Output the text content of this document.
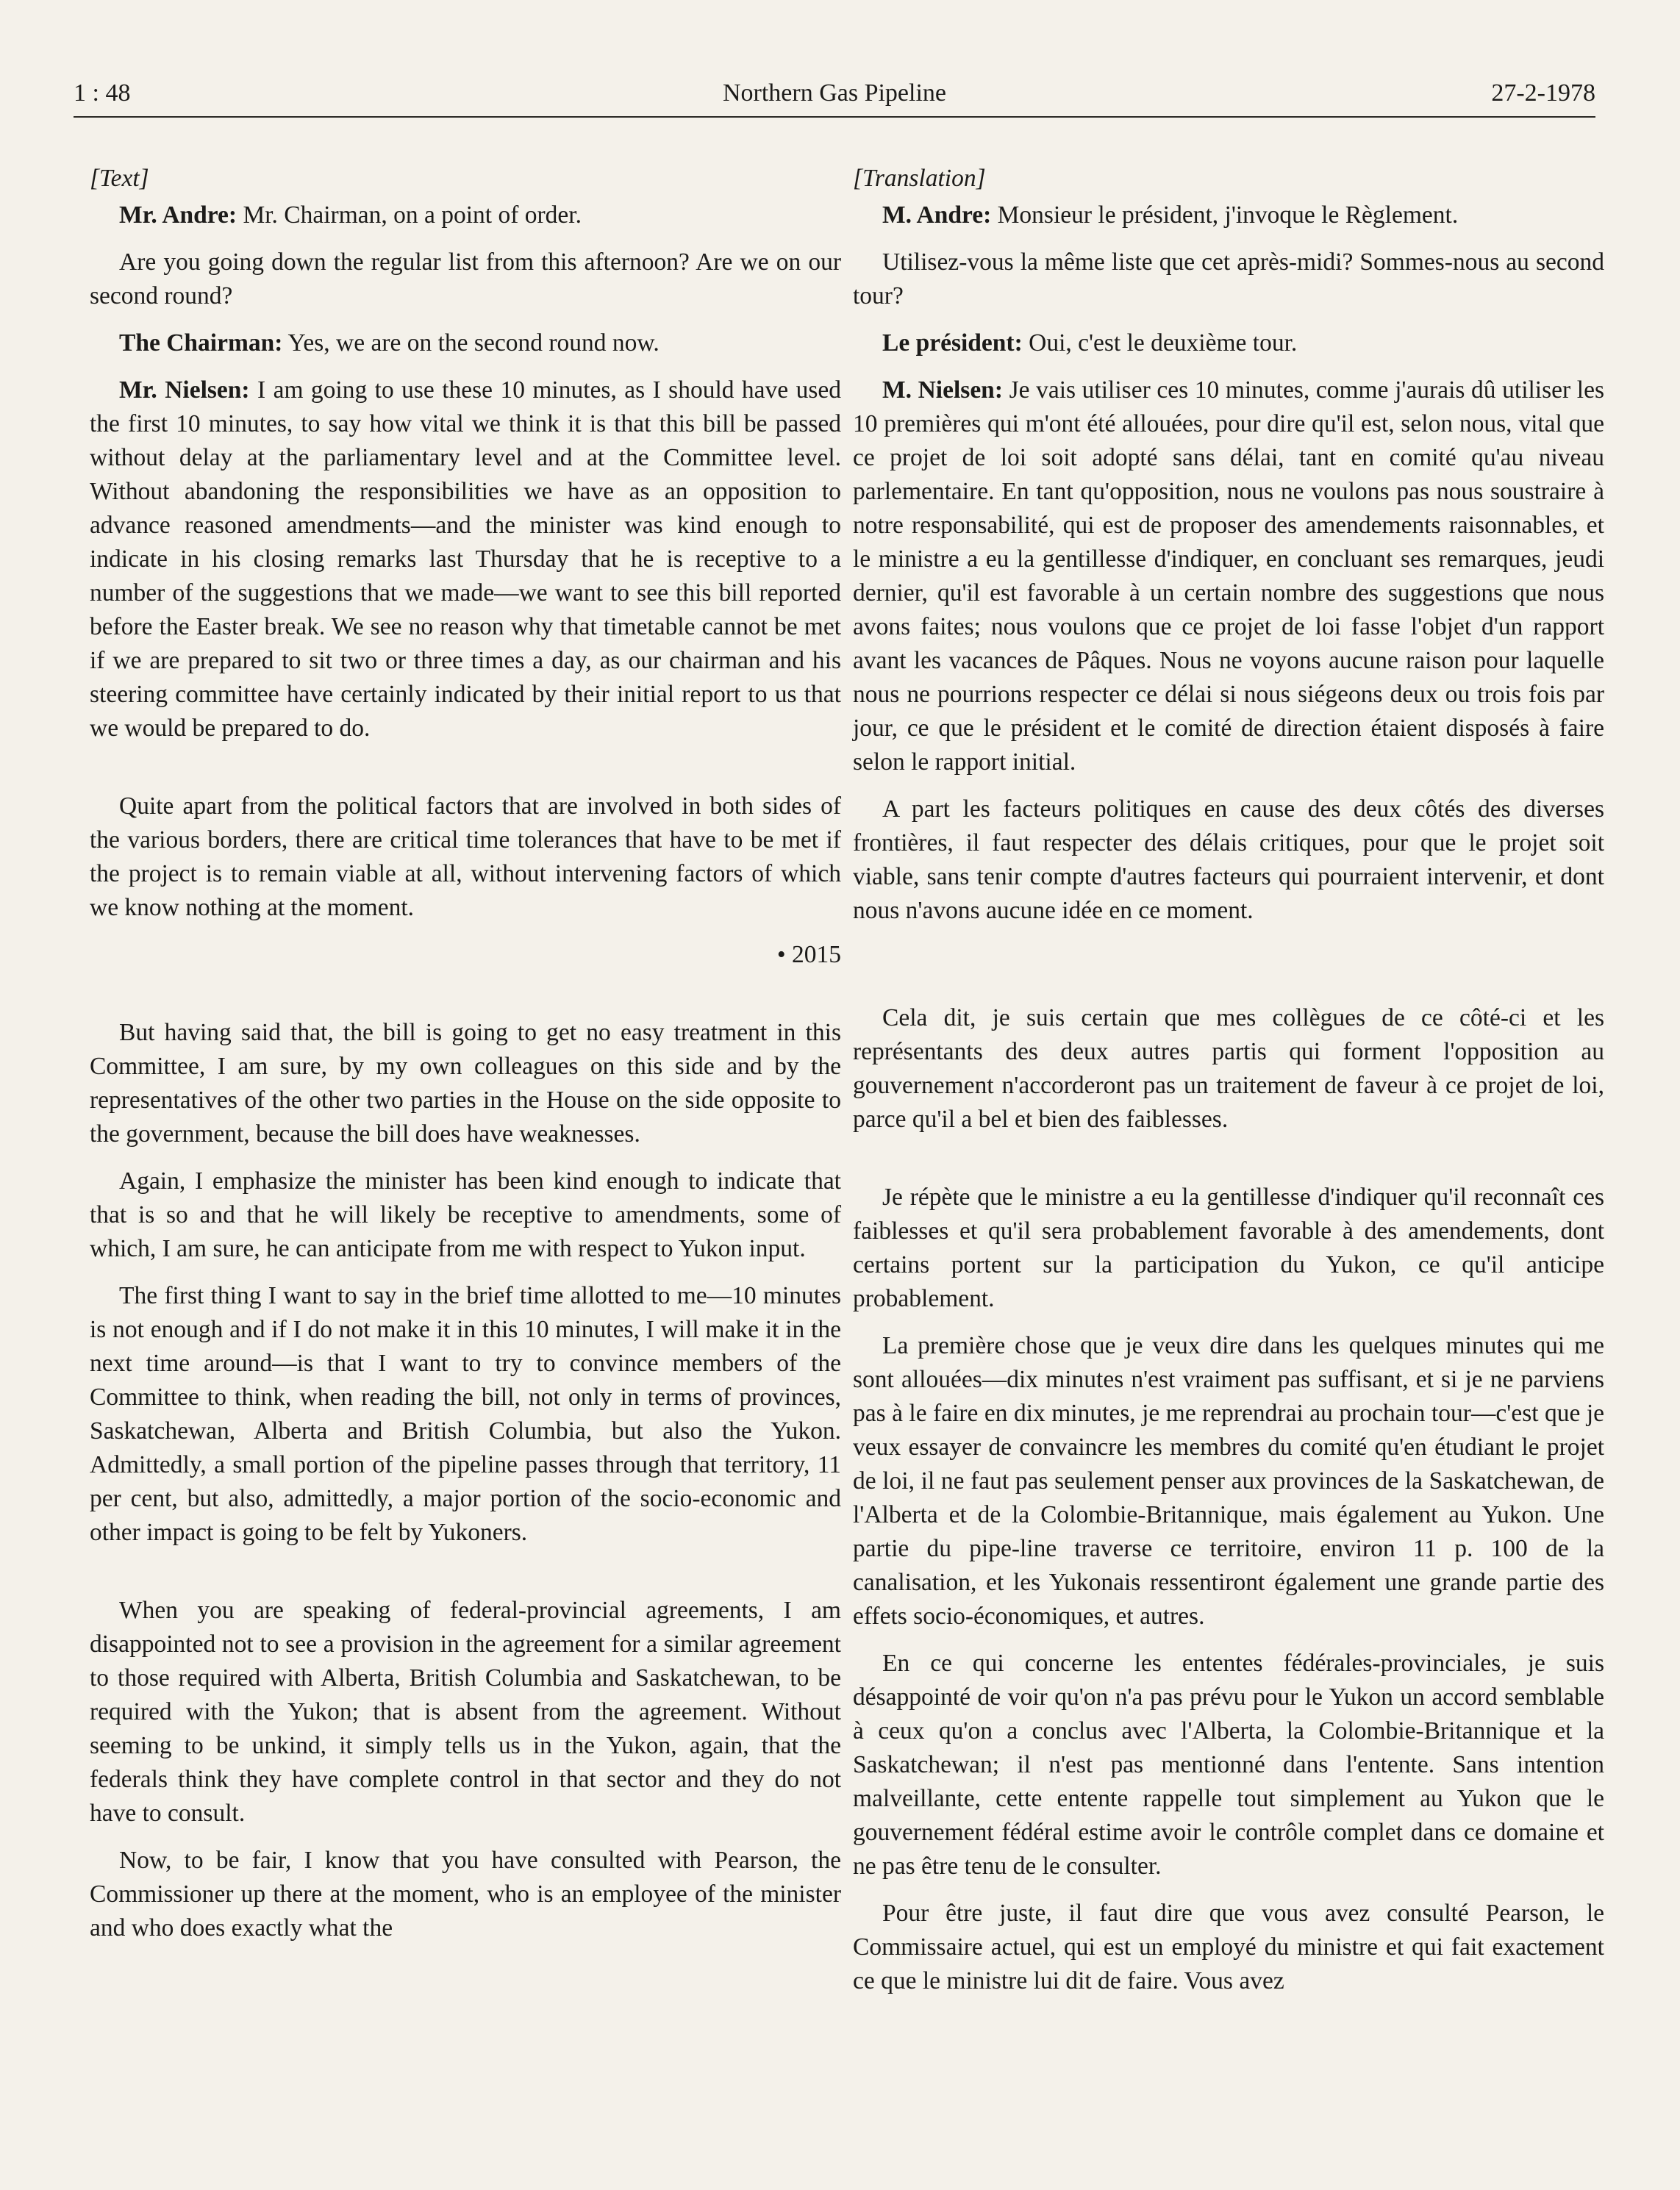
1 : 48	Northern Gas Pipeline	27-2-1978

[Text]

Mr. Andre: Mr. Chairman, on a point of order.

Are you going down the regular list from this afternoon? Are we on our second round?

The Chairman: Yes, we are on the second round now.

Mr. Nielsen: I am going to use these 10 minutes, as I should have used the first 10 minutes, to say how vital we think it is that this bill be passed without delay at the parliamentary level and at the Committee level. Without abandoning the responsibilities we have as an opposition to advance reasoned amendments—and the minister was kind enough to indicate in his closing remarks last Thursday that he is receptive to a number of the suggestions that we made—we want to see this bill reported before the Easter break. We see no reason why that timetable cannot be met if we are prepared to sit two or three times a day, as our chairman and his steering committee have certainly indicated by their initial report to us that we would be prepared to do.

Quite apart from the political factors that are involved in both sides of the various borders, there are critical time tolerances that have to be met if the project is to remain viable at all, without intervening factors of which we know nothing at the moment.

• 2015

But having said that, the bill is going to get no easy treatment in this Committee, I am sure, by my own colleagues on this side and by the representatives of the other two parties in the House on the side opposite to the government, because the bill does have weaknesses.

Again, I emphasize the minister has been kind enough to indicate that that is so and that he will likely be receptive to amendments, some of which, I am sure, he can anticipate from me with respect to Yukon input.

The first thing I want to say in the brief time allotted to me—10 minutes is not enough and if I do not make it in this 10 minutes, I will make it in the next time around—is that I want to try to convince members of the Committee to think, when reading the bill, not only in terms of provinces, Saskatchewan, Alberta and British Columbia, but also the Yukon. Admittedly, a small portion of the pipeline passes through that territory, 11 per cent, but also, admittedly, a major portion of the socio-economic and other impact is going to be felt by Yukoners.

When you are speaking of federal-provincial agreements, I am disappointed not to see a provision in the agreement for a similar agreement to those required with Alberta, British Columbia and Saskatchewan, to be required with the Yukon; that is absent from the agreement. Without seeming to be unkind, it simply tells us in the Yukon, again, that the federals think they have complete control in that sector and they do not have to consult.

Now, to be fair, I know that you have consulted with Pearson, the Commissioner up there at the moment, who is an employee of the minister and who does exactly what the

[Translation]

M. Andre: Monsieur le président, j'invoque le Règlement.

Utilisez-vous la même liste que cet après-midi? Sommes-nous au second tour?

Le président: Oui, c'est le deuxième tour.

M. Nielsen: Je vais utiliser ces 10 minutes, comme j'aurais dû utiliser les 10 premières qui m'ont été allouées, pour dire qu'il est, selon nous, vital que ce projet de loi soit adopté sans délai, tant en comité qu'au niveau parlementaire. En tant qu'opposition, nous ne voulons pas nous soustraire à notre responsabilité, qui est de proposer des amendements raisonnables, et le ministre a eu la gentillesse d'indiquer, en concluant ses remarques, jeudi dernier, qu'il est favorable à un certain nombre des suggestions que nous avons faites; nous voulons que ce projet de loi fasse l'objet d'un rapport avant les vacances de Pâques. Nous ne voyons aucune raison pour laquelle nous ne pourrions respecter ce délai si nous siégeons deux ou trois fois par jour, ce que le président et le comité de direction étaient disposés à faire selon le rapport initial.

A part les facteurs politiques en cause des deux côtés des diverses frontières, il faut respecter des délais critiques, pour que le projet soit viable, sans tenir compte d'autres facteurs qui pourraient intervenir, et dont nous n'avons aucune idée en ce moment.

Cela dit, je suis certain que mes collègues de ce côté-ci et les représentants des deux autres partis qui forment l'opposition au gouvernement n'accorderont pas un traitement de faveur à ce projet de loi, parce qu'il a bel et bien des faiblesses.

Je répète que le ministre a eu la gentillesse d'indiquer qu'il reconnaît ces faiblesses et qu'il sera probablement favorable à des amendements, dont certains portent sur la participation du Yukon, ce qu'il anticipe probablement.

La première chose que je veux dire dans les quelques minutes qui me sont allouées—dix minutes n'est vraiment pas suffisant, et si je ne parviens pas à le faire en dix minutes, je me reprendrai au prochain tour—c'est que je veux essayer de convaincre les membres du comité qu'en étudiant le projet de loi, il ne faut pas seulement penser aux provinces de la Saskatchewan, de l'Alberta et de la Colombie-Britannique, mais également au Yukon. Une partie du pipe-line traverse ce territoire, environ 11 p. 100 de la canalisation, et les Yukonais ressentiront également une grande partie des effets socio-économiques, et autres.

En ce qui concerne les ententes fédérales-provinciales, je suis désappointé de voir qu'on n'a pas prévu pour le Yukon un accord semblable à ceux qu'on a conclus avec l'Alberta, la Colombie-Britannique et la Saskatchewan; il n'est pas mentionné dans l'entente. Sans intention malveillante, cette entente rappelle tout simplement au Yukon que le gouvernement fédéral estime avoir le contrôle complet dans ce domaine et ne pas être tenu de le consulter.

Pour être juste, il faut dire que vous avez consulté Pearson, le Commissaire actuel, qui est un employé du ministre et qui fait exactement ce que le ministre lui dit de faire. Vous avez
